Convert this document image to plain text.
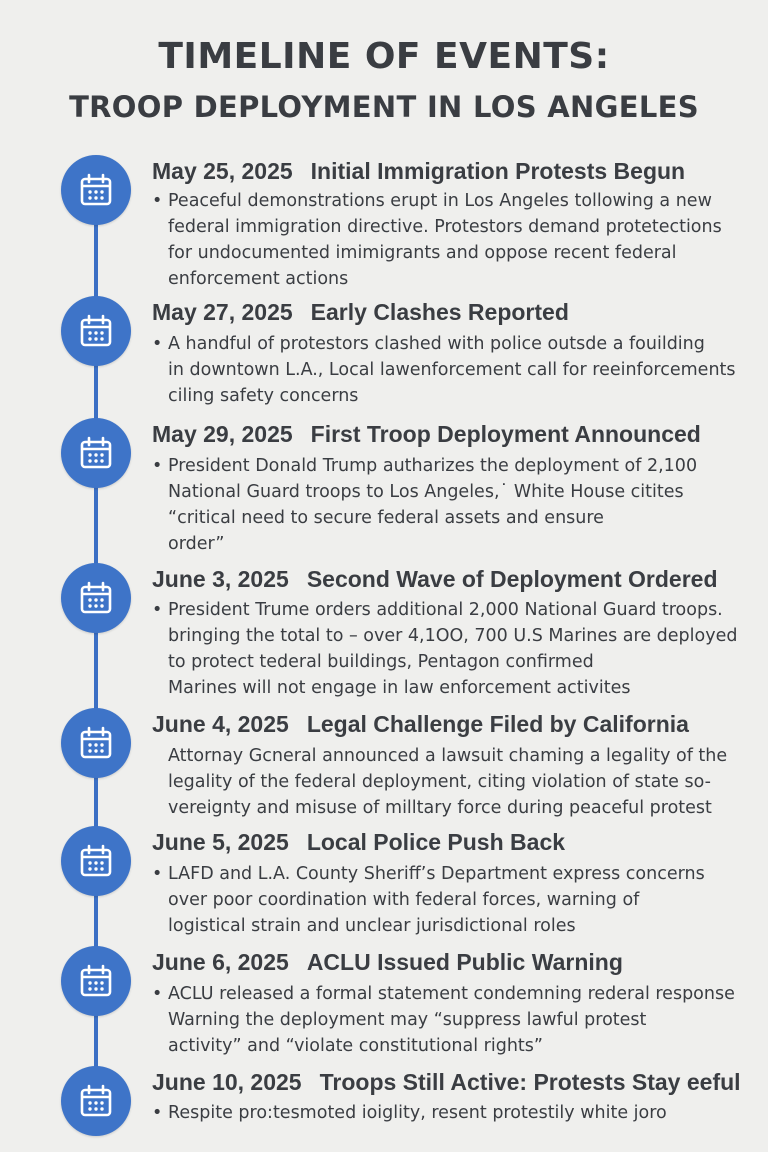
TIMELINE OF EVENTS:
TROOP DEPLOYMENT IN LOS ANGELES
May 25, 2025 Initial Immigration Protests Begun
• Peaceful demonstrations erupt in Los Angeles tollowing a new
federal immigration directive. Protestors demand protetections
for undocumented imimigrants and oppose recent federal
enforcement actions
May 27, 2025 Early Clashes Reported
• A handful of protestors clashed with police outsde a fouilding
in downtown L.A., Local lawenforcement call for reeinforcements
ciling safety concerns
May 29, 2025 First Troop Deployment Announced
• President Donald Trump autharizes the deployment of 2,100
National Guard troops to Los Angeles,˙ White House citites
“critical need to secure federal assets and ensure
order”
June 3, 2025 Second Wave of Deployment Ordered
• President Trume orders additional 2,000 National Guard troops.
bringing the total to – over 4,1OO, 700 U.S Marines are deployed
to protect tederal buildings, Pentagon confirmed
Marines will not engage in law enforcement activites
June 4, 2025 Legal Challenge Filed by California
Attornay Gcneral announced a lawsuit chaming a legality of the
legality of the federal deployment, citing violation of state so-
vereignty and misuse of milltary force during peaceful protest
June 5, 2025 Local Police Push Back
• LAFD and L.A. County Sheriff’s Department express concerns
over poor coordination with federal forces, warning of
logistical strain and unclear jurisdictional roles
June 6, 2025 ACLU Issued Public Warning
• ACLU released a formal statement condemning rederal response
Warning the deployment may “suppress lawful protest
activity” and “violate constitutional rights”
June 10, 2025 Troops Still Active: Protests Stay eeful
• Respite pro:tesmoted ioiglity, resent protestily white joro
